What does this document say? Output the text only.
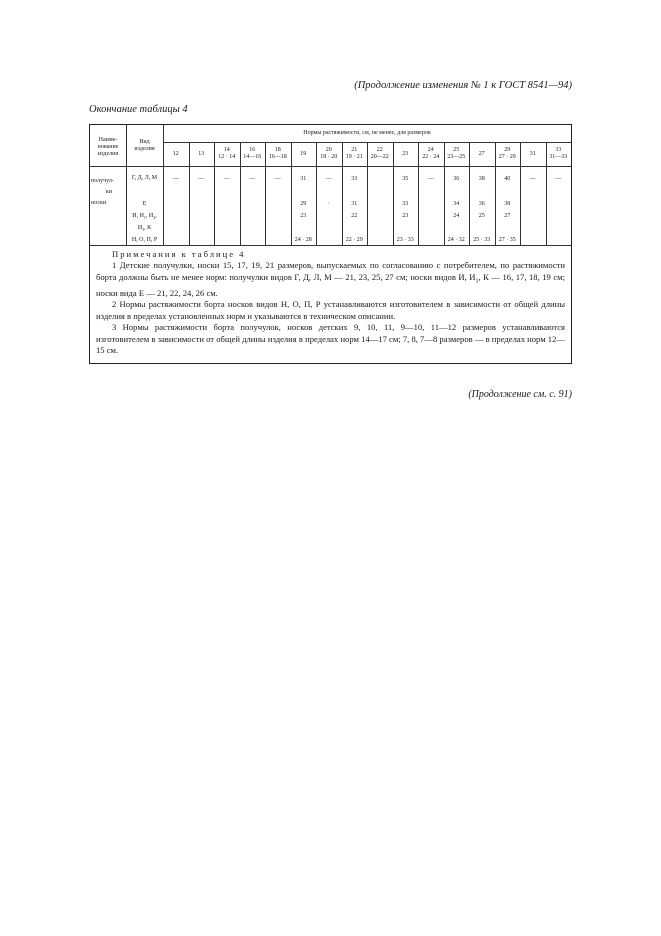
(Продолжение изменения № 1 к ГОСТ 8541—94)
Окончание таблицы 4
Наиме-
нование
изделия
Вид
изделия
Нормы растяжимости, см, не менее, для размеров
12
—
13
—
14
12 · 14
—
16
14—16
—
18
16—18
—
19
31
29
23
24 · 28
20
18 · 20
—
·
21
19 · 21
33
31
22
22 · 29
22
20—22	23
35
33
23
23 · 33
24
22 · 24
—
25
23—25
36
34
24
24 · 32
27
38
36
25
25 · 33
29
27 · 29
40
38
27
27 · 35
31
—
33
31—33
—
получул-
ки
носки
Г, Д, Л, М
Е
И, $И_1$, $И_2$,
$И_3$, К
Н, О, П, Р

Примечания к таблице 4

1 Детские получулки, носки 15, 17, 19, 21 размеров, выпускаемых по согласованию с потребителем, по растяжимости борта должны быть не менее норм: получулки видов Г, Д, Л, М — 21, 23, 25, 27 см; носки видов И, $И_1$, К — 16, 17, 18, 19 см; носки вида Е — 21, 22, 24, 26 см.

2 Нормы растяжимости борта носков видов Н, О, П, Р устанавливаются изготовителем в зависимости от общей длины изделия в пределах установленных норм и указываются в техническом описании.

3 Нормы растяжимости борта получулок, носков детских 9, 10, 11, 9—10, 11—12 размеров устанавливаются изготовителем в зависимости от общей длины изделия в пределах норм 14—17 см; 7, 8, 7—8 размеров — в пределах норм 12—15 см.

(Продолжение см. с. 91)
